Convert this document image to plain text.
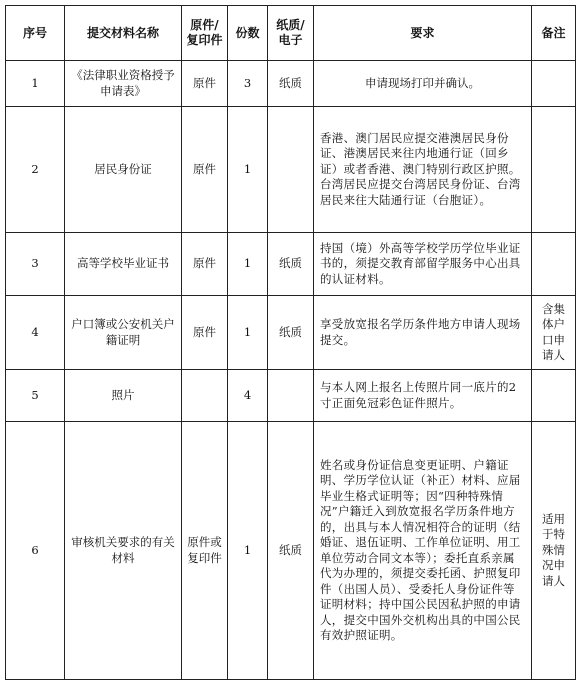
序号	提交材料名称	原件/复印件	份数	纸质/电子	要求	备注
1	《法律职业资格授予申请表》	原件	3	纸质	申请现场打印并确认。	
2	居民身份证	原件	1		香港、澳门居民应提交港澳居民身份证、港澳居民来往内地通行证（回乡证）或者香港、澳门特别行政区护照。
台湾居民应提交台湾居民身份证、台湾居民来往大陆通行证（台胞证）。	
3	高等学校毕业证书	原件	1	纸质	持国（境）外高等学校学历学位毕业证书的，须提交教育部留学服务中心出具的认证材料。	
4	户口簿或公安机关户籍证明	原件	1	纸质	享受放宽报名学历条件地方申请人现场提交。	含集体户口申请人
5	照片		4		与本人网上报名上传照片同一底片的2寸正面免冠彩色证件照片。	
6	审核机关要求的有关材料	原件或复印件	1	纸质	姓名或身份证信息变更证明、户籍证明、学历学位认证（补正）材料、应届毕业生格式证明等；因“四种特殊情况”户籍迁入到放宽报名学历条件地方的，出具与本人情况相符合的证明（结婚证、退伍证明、工作单位证明、用工单位劳动合同文本等）；委托直系亲属代为办理的，须提交委托函、护照复印件（出国人员）、受委托人身份证件等证明材料；持中国公民因私护照的申请人，提交中国外交机构出具的中国公民有效护照证明。	适用于特殊情况申请人
